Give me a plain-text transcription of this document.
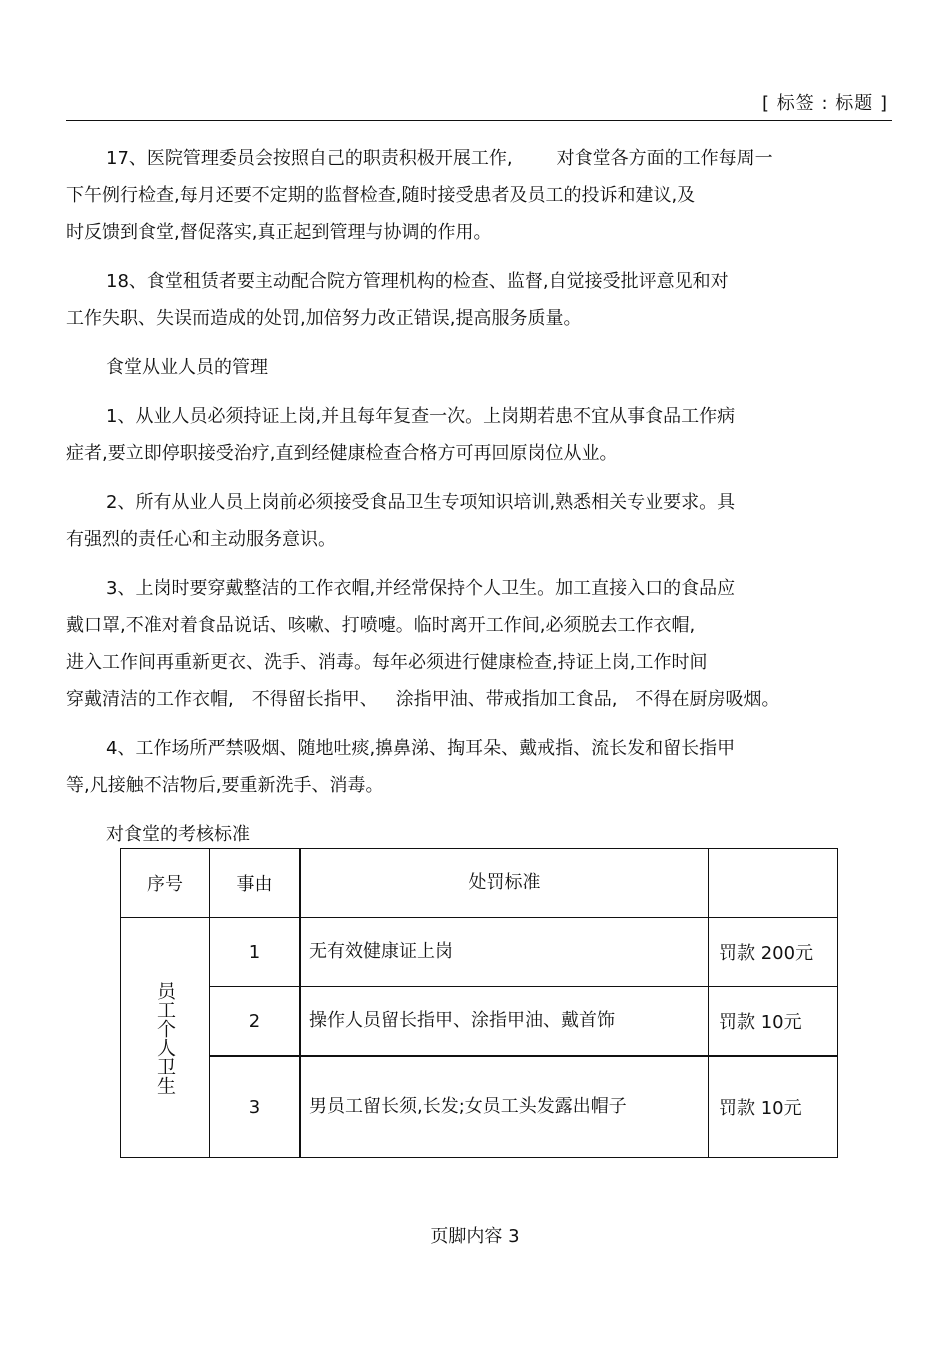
[ 标签 : 标题 ]

17、医院管理委员会按照自己的职责积极开展工作, 对食堂各方面的工作每周一
下午例行检查,每月还要不定期的监督检查,随时接受患者及员工的投诉和建议,及
时反馈到食堂,督促落实,真正起到管理与协调的作用。

18、食堂租赁者要主动配合院方管理机构的检查、监督,自觉接受批评意见和对
工作失职、失误而造成的处罚,加倍努力改正错误,提高服务质量。

食堂从业人员的管理

1、从业人员必须持证上岗,并且每年复查一次。上岗期若患不宜从事食品工作病
症者,要立即停职接受治疗,直到经健康检查合格方可再回原岗位从业。

2、所有从业人员上岗前必须接受食品卫生专项知识培训,熟悉相关专业要求。具
有强烈的责任心和主动服务意识。

3、上岗时要穿戴整洁的工作衣帽,并经常保持个人卫生。加工直接入口的食品应
戴口罩,不准对着食品说话、咳嗽、打喷嚏。临时离开工作间,必须脱去工作衣帽,
进入工作间再重新更衣、洗手、消毒。每年必须进行健康检查,持证上岗,工作时间
穿戴清洁的工作衣帽, 不得留长指甲、 涂指甲油、带戒指加工食品, 不得在厨房吸烟。

4、工作场所严禁吸烟、随地吐痰,擤鼻涕、掏耳朵、戴戒指、流长发和留长指甲
等,凡接触不洁物后,要重新洗手、消毒。

对食堂的考核标准

序号	事由	处罚标准	

员工个人卫生	1	无有效健康证上岗	罚款 200元
	2	操作人员留长指甲、涂指甲油、戴首饰	罚款 10元
	3	男员工留长须,长发;女员工头发露出帽子	罚款 10元
页脚内容 3
